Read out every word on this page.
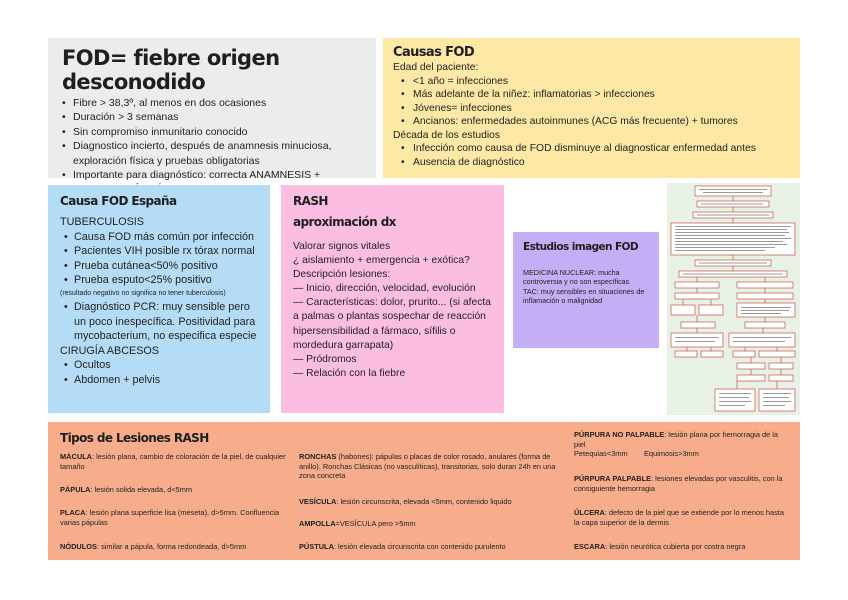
FOD= fiebre origen desconodido
• Fibre > 38,3º, al menos en dos ocasiones
• Duración > 3 semanas
• Sin compromiso inmunitario conocido
• Diagnostico incierto, después de anamnesis minuciosa, exploración física y pruebas obligatorias
• Importante para diagnóstico: correcta ANAMNESIS +
Causas FOD
Edad del paciente:
• <1 año = infecciones
• Más adelante de la niñez: inflamatorias > infecciones
• Jóvenes= infecciones
• Ancianos: enfermedades autoinmunes (ACG más frecuente) + tumores
Década de los estudios
• Infección como causa de FOD disminuye al diagnosticar enfermedad antes
• Ausencia de diagnóstico
Causa FOD España
TUBERCULOSIS
• Causa FOD más común por infección
• Pacientes VIH posible rx tórax normal
• Prueba cutánea<50% positivo
• Prueba esputo<25% positivo
(resultado negativo no significa no tener tuberculosis)
• Diagnóstico PCR: muy sensible pero un poco inespecífica. Positividad para mycobacterium, no especifica especie
CIRUGÍA ABCESOS
• Ocultos
• Abdomen + pelvis
RASH
aproximación dx
Valorar signos vitales
¿ aislamiento + emergencia + exótica?
Descripción lesiones:
— Inicio, dirección, velocidad, evolución
— Características: dolor, prurito... (si afecta a palmas o plantas sospechar de reacción hipersensibilidad a fármaco, sífilis o mordedura garrapata)
— Pródromos
— Relación con la fiebre
Estudios imagen FOD
MEDICINA NUCLEAR: mucha controversia y no son específicas
TAC: muy sensibles en situaciones de inflamación o malignidad
Tipos de Lesiones RASH
MÁCULA: lesión plana, cambio de coloración de la piel, de cualquier tamaño
PÁPULA: lesión solida elevada, d<5mm
PLACA: lesión plana superficie lisa (meseta), d>5mm. Confluencia varias pápulas
NÓDULOS: similar a pápula, forma redondeada, d>5mm
RONCHAS (habones): pápulas o placas de color rosado, anulares (forma de anillo). Ronchas Clásicas (no vasculíticas), transitorias, solo duran 24h en una zona concreta
VESÍCULA: lesión circunscrita, elevada <5mm, contenido liquido
AMPOLLA=VESÍCULA pero >5mm
PÚSTULA: lesión elevada circunscrita con contenido purulento
PÚRPURA NO PALPABLE: lesión plana por hemorragia de la piel
Petequias<3mm        Equimosis>3mm
PÚRPURA PALPABLE: lesiones elevadas por vasculitis, con la consiguiente hemorragia
ÚLCERA: defecto de la piel que se extiende por lo menos hasta la capa superior de la dermis
ESCARA: lesión neurótica cubierta por costra negra
